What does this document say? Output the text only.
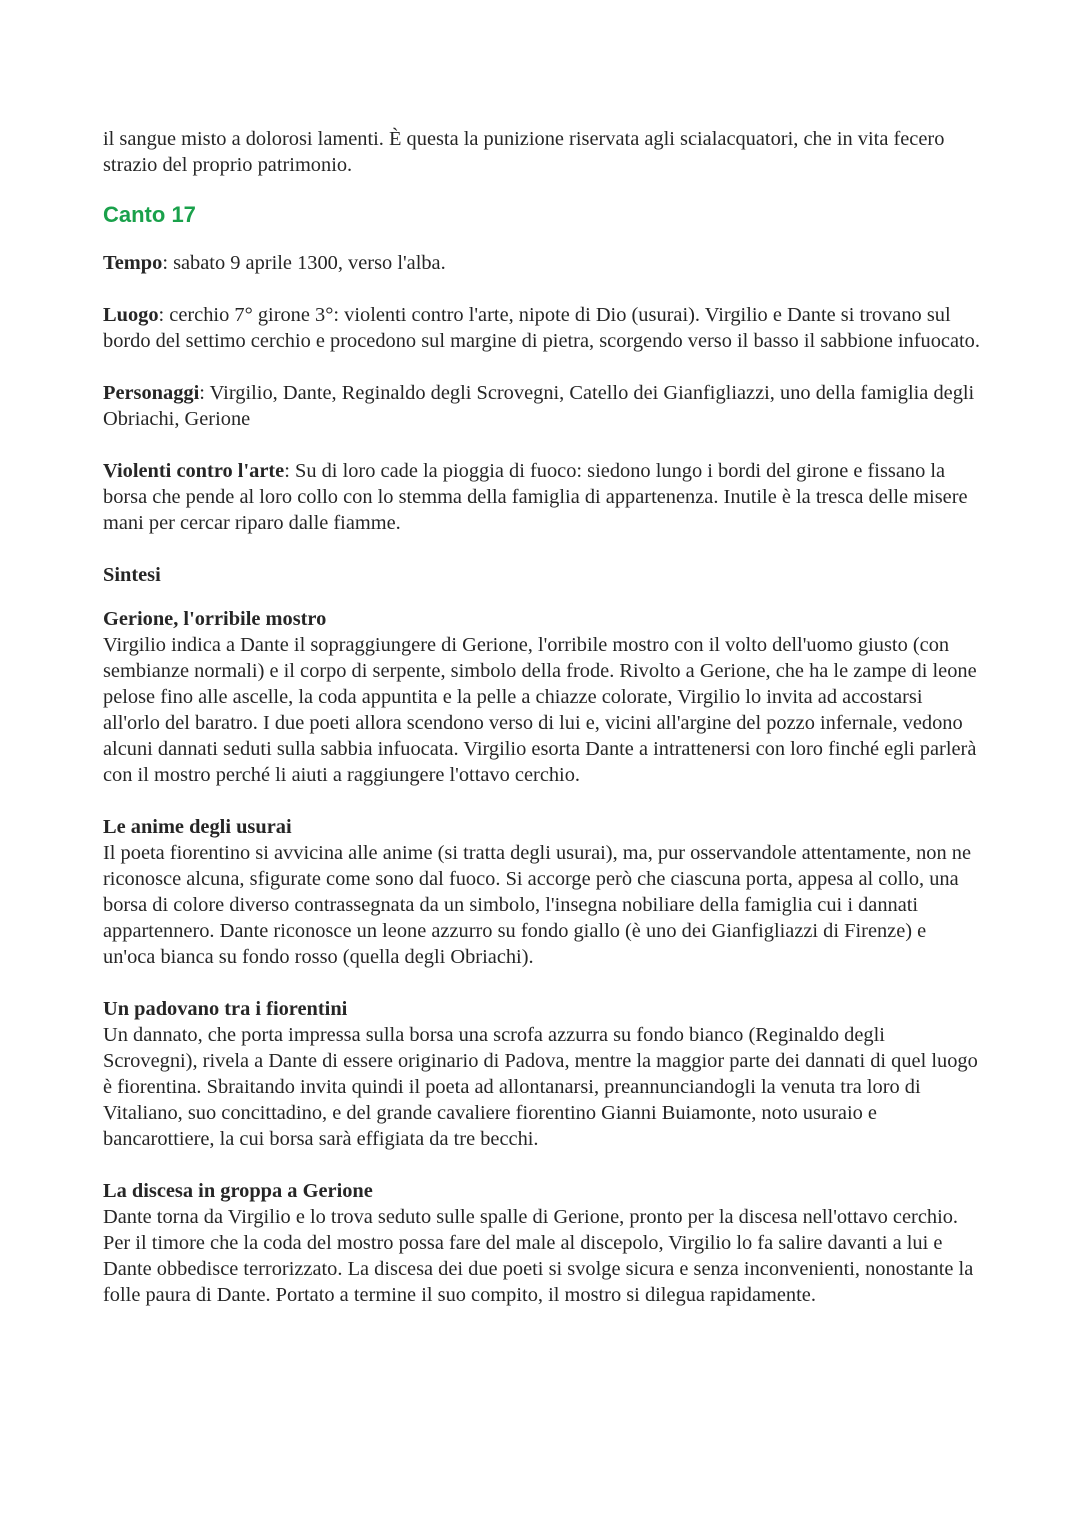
il sangue misto a dolorosi lamenti. È questa la punizione riservata agli scialacquatori, che in vita fecero strazio del proprio patrimonio.

Canto 17

Tempo: sabato 9 aprile 1300, verso l'alba.

Luogo: cerchio 7° girone 3°: violenti contro l'arte, nipote di Dio (usurai). Virgilio e Dante si trovano sul bordo del settimo cerchio e procedono sul margine di pietra, scorgendo verso il basso il sabbione infuocato.

Personaggi: Virgilio, Dante, Reginaldo degli Scrovegni, Catello dei Gianfigliazzi, uno della famiglia degli Obriachi, Gerione

Violenti contro l'arte: Su di loro cade la pioggia di fuoco: siedono lungo i bordi del girone e fissano la borsa che pende al loro collo con lo stemma della famiglia di appartenenza. Inutile è la tresca delle misere mani per cercar riparo dalle fiamme.

Sintesi
Gerione, l'orribile mostro

Virgilio indica a Dante il sopraggiungere di Gerione, l'orribile mostro con il volto dell'uomo giusto (con sembianze normali) e il corpo di serpente, simbolo della frode. Rivolto a Gerione, che ha le zampe di leone pelose fino alle ascelle, la coda appuntita e la pelle a chiazze colorate, Virgilio lo invita ad accostarsi all'orlo del baratro. I due poeti allora scendono verso di lui e, vicini all'argine del pozzo infernale, vedono alcuni dannati seduti sulla sabbia infuocata. Virgilio esorta Dante a intrattenersi con loro finché egli parlerà con il mostro perché li aiuti a raggiungere l'ottavo cerchio.

Le anime degli usurai

Il poeta fiorentino si avvicina alle anime (si tratta degli usurai), ma, pur osservandole attentamente, non ne riconosce alcuna, sfigurate come sono dal fuoco. Si accorge però che ciascuna porta, appesa al collo, una borsa di colore diverso contrassegnata da un simbolo, l'insegna nobiliare della famiglia cui i dannati appartennero. Dante riconosce un leone azzurro su fondo giallo (è uno dei Gianfigliazzi di Firenze) e un'oca bianca su fondo rosso (quella degli Obriachi).

Un padovano tra i fiorentini

Un dannato, che porta impressa sulla borsa una scrofa azzurra su fondo bianco (Reginaldo degli Scrovegni), rivela a Dante di essere originario di Padova, mentre la maggior parte dei dannati di quel luogo è fiorentina. Sbraitando invita quindi il poeta ad allontanarsi, preannunciandogli la venuta tra loro di Vitaliano, suo concittadino, e del grande cavaliere fiorentino Gianni Buiamonte, noto usuraio e bancarottiere, la cui borsa sarà effigiata da tre becchi.

La discesa in groppa a Gerione

Dante torna da Virgilio e lo trova seduto sulle spalle di Gerione, pronto per la discesa nell'ottavo cerchio. Per il timore che la coda del mostro possa fare del male al discepolo, Virgilio lo fa salire davanti a lui e Dante obbedisce terrorizzato. La discesa dei due poeti si svolge sicura e senza inconvenienti, nonostante la folle paura di Dante. Portato a termine il suo compito, il mostro si dilegua rapidamente.
